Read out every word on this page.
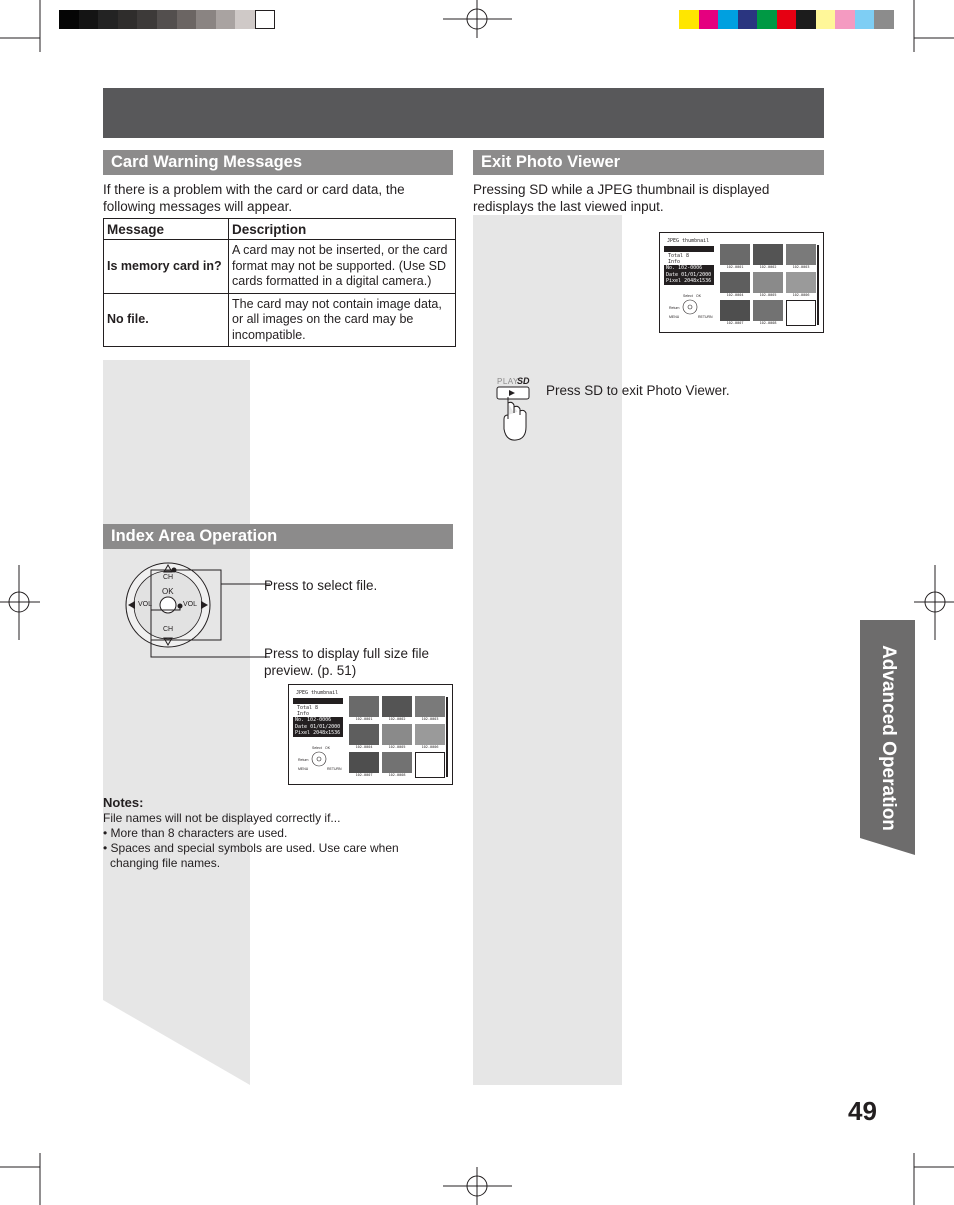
Card Warning Messages
If there is a problem with the card or card data, the following messages will appear.
Message	Description
Is memory card in?	A card may not be inserted, or the card format may not be supported. (Use SD cards formatted in a digital camera.)
No file.	The card may not contain image data, or all images on the card may be incompatible.
Index Area Operation
CH
OK
VOL	VOL
CH
Press to select file.
Press to display full size file preview. (p. 51)
JPEG thumbnail
Total 8
Info
No. 102-0006
Date 01/01/2000
Pixel 2048x1536
Select OK
Return
MENU	RETURN
102-0001	102-0002	102-0003
102-0004	102-0005	102-0006
102-0007	102-0008
Notes:
File names will not be displayed correctly if...
• More than 8 characters are used.
• Spaces and special symbols are used. Use care when
changing file names.
Exit Photo Viewer
Pressing SD while a JPEG thumbnail is displayed redisplays the last viewed input.
JPEG thumbnail
Total 8
Info
No. 102-0006
Date 01/01/2000
Pixel 2048x1536
Select OK
Return
MENU	RETURN
102-0001	102-0002	102-0003
102-0004	102-0005	102-0006
102-0007	102-0008
PLAY
SD
Press SD to exit Photo Viewer.
Advanced Operation
49
